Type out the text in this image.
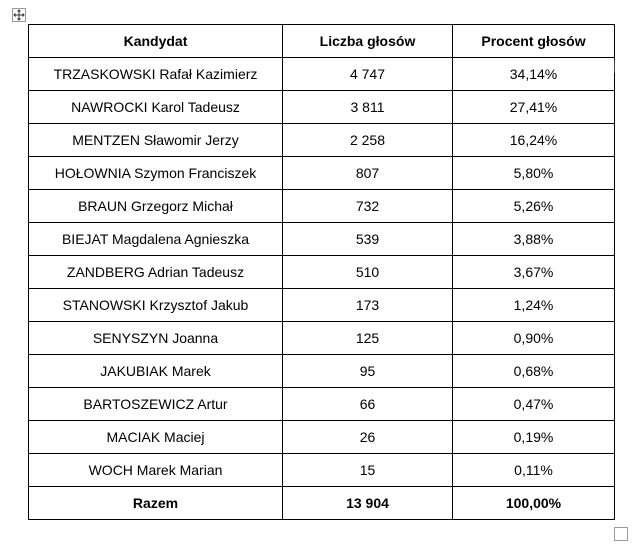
Kandydat	Liczba głosów	Procent głosów
TRZASKOWSKI Rafał Kazimierz	4 747	34,14%
NAWROCKI Karol Tadeusz	3 811	27,41%
MENTZEN Sławomir Jerzy	2 258	16,24%
HOŁOWNIA Szymon Franciszek	807	5,80%
BRAUN Grzegorz Michał	732	5,26%
BIEJAT Magdalena Agnieszka	539	3,88%
ZANDBERG Adrian Tadeusz	510	3,67%
STANOWSKI Krzysztof Jakub	173	1,24%
SENYSZYN Joanna	125	0,90%
JAKUBIAK Marek	95	0,68%
BARTOSZEWICZ Artur	66	0,47%
MACIAK Maciej	26	0,19%
WOCH Marek Marian	15	0,11%
Razem	13 904	100,00%
